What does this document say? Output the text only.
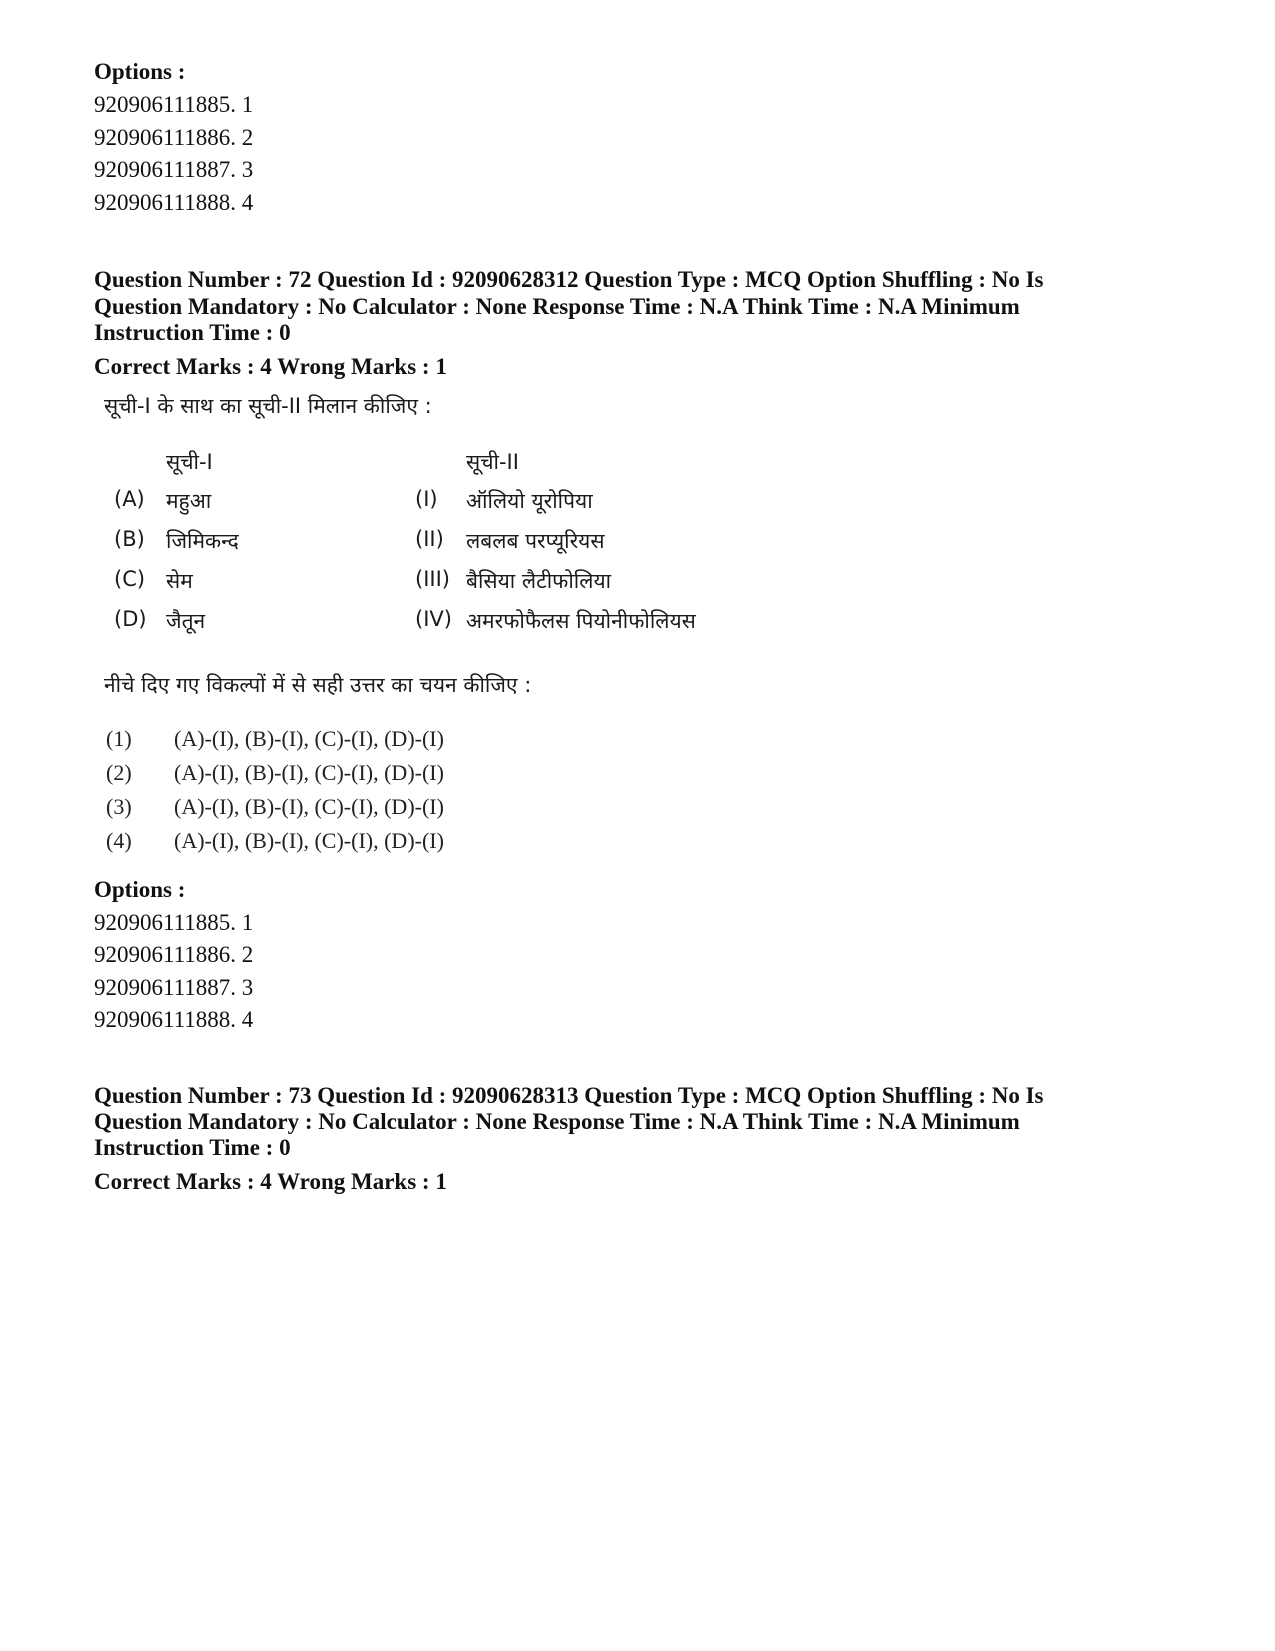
Options :
920906111885. 1
920906111886. 2
920906111887. 3
920906111888. 4
Question Number : 72 Question Id : 92090628312 Question Type : MCQ Option Shuffling : No Is
Question Mandatory : No Calculator : None Response Time : N.A Think Time : N.A Minimum
Instruction Time : 0
Correct Marks : 4 Wrong Marks : 1
सूची-I के साथ का सूची-II मिलान कीजिए :
सूची-I	सूची-II
(A) महुआ	(I) ऑलियो यूरोपिया
(B) जिमिकन्द	(II) लबलब परप्यूरियस
(C) सेम	(III) बैसिया लैटीफोलिया
(D) जैतून	(IV) अमरफोफैलस पियोनीफोलियस
नीचे दिए गए विकल्पों में से सही उत्तर का चयन कीजिए :
(1) (A)-(I), (B)-(I), (C)-(I), (D)-(I)
(2) (A)-(I), (B)-(I), (C)-(I), (D)-(I)
(3) (A)-(I), (B)-(I), (C)-(I), (D)-(I)
(4) (A)-(I), (B)-(I), (C)-(I), (D)-(I)
Options :
920906111885. 1
920906111886. 2
920906111887. 3
920906111888. 4
Question Number : 73 Question Id : 92090628313 Question Type : MCQ Option Shuffling : No Is
Question Mandatory : No Calculator : None Response Time : N.A Think Time : N.A Minimum
Instruction Time : 0
Correct Marks : 4 Wrong Marks : 1
